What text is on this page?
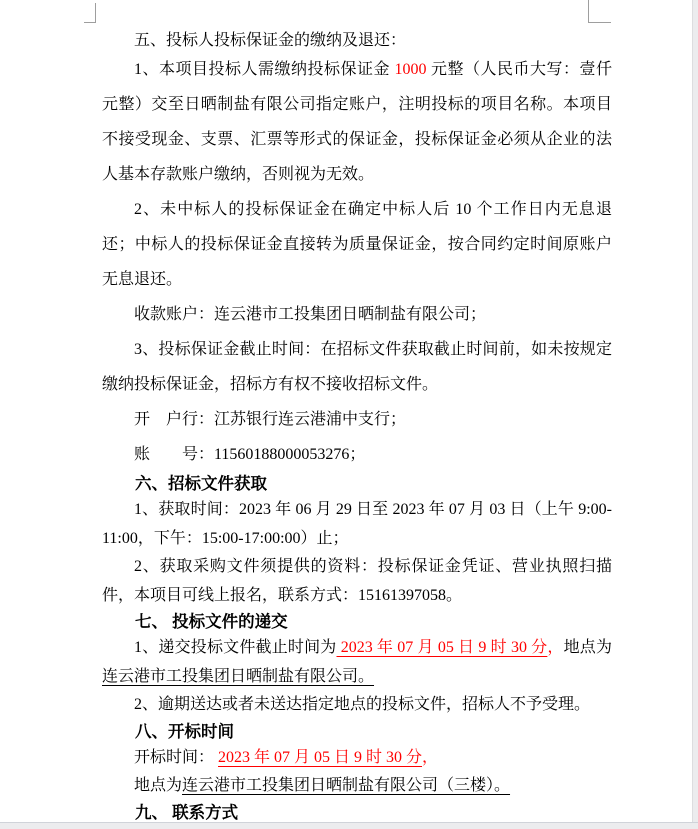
五、投标人投标保证金的缴纳及退还：

1、本项目投标人需缴纳投标保证金 1000 元整（人民币大写：壹仟元整）交至日晒制盐有限公司指定账户，注明投标的项目名称。本项目不接受现金、支票、汇票等形式的保证金，投标保证金必须从企业的法人基本存款账户缴纳，否则视为无效。

2、未中标人的投标保证金在确定中标人后 10 个工作日内无息退还；中标人的投标保证金直接转为质量保证金，按合同约定时间原账户无息退还。

收款账户：连云港市工投集团日晒制盐有限公司；

3、投标保证金截止时间：在招标文件获取截止时间前，如未按规定缴纳投标保证金，招标方有权不接收招标文件。

开　户行：江苏银行连云港浦中支行；

账　　号：11560188000053276；

六、招标文件获取

1、获取时间：2023 年 06 月 29 日至 2023 年 07 月 03 日（上午 9:00-11:00，下午：15:00-17:00:00）止；

2、获取采购文件须提供的资料：投标保证金凭证、营业执照扫描件，本项目可线上报名，联系方式：15161397058。

七、 投标文件的递交

1、递交投标文件截止时间为 2023 年 07 月 05 日 9 时 30 分，地点为连云港市工投集团日晒制盐有限公司。

2、逾期送达或者未送达指定地点的投标文件，招标人不予受理。

八、开标时间

开标时间： 2023 年 07 月 05 日 9 时 30 分，

地点为连云港市工投集团日晒制盐有限公司（三楼）。

九、 联系方式
